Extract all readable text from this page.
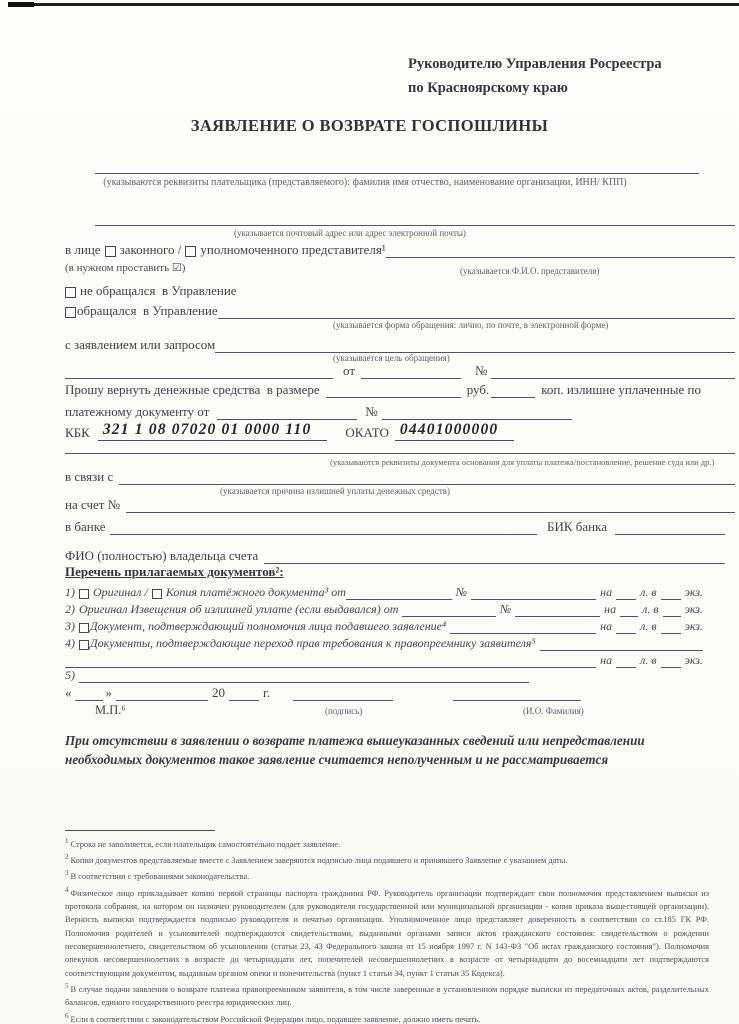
Руководителю Управления Росреестра
по Красноярскому краю
ЗАЯВЛЕНИЕ О ВОЗВРАТЕ ГОСПОШЛИНЫ
(указываются реквизиты плательщика (представляемого): фамилия имя отчество, наименование организации, ИНН/ КПП)
(указывается почтовый адрес или адрес электронной почты)
в лице законного / уполномоченного представителя¹
(в нужном проставить ☑)	(указывается Ф.И.О. представителя)
не обращался  в Управление
обращался  в Управление
(указывается форма обращения: лично, по почте, в электронной форме)
с заявлением или запросом
(указывается цель обращения)
от	№
Прошу вернуть денежные средства  в размере	руб.	коп. излишне уплаченные по
платежному документу от	№
КБК 321 1 08 07020 01 0000 110	ОКАТО 04401000000
(указываются реквизиты документа основания для уплаты платежа/постановление, решение суда или др.)
в связи с
(указывается причина излишней уплаты денежных средств)
на счет №
в банке	БИК банка
ФИО (полностью) владельца счета
Перечень прилагаемых документов²:
1) Оригинал / Копия платёжного документа³ от	№	на л. в экз.
2) Оригинал Извещения об излишней уплате (если выдавался) от	№	на л. в экз.
3) Документ, подтверждающий полномочия лица подавшего заявление⁴	на л. в экз.
4) Документы, подтверждающие переход прав требования к правопреемнику заявителя⁵
на л. в экз.
5)
«	»	20	г.
М.П.⁶	(подпись)	(И.О. Фамилия)
При отсутствии в заявлении о возврате платежа вышеуказанных сведений или непредставлении необходимых документов такое заявление считается неполученным и не рассматривается
$^1$ Строка не заполняется, если плательщик самостоятельно подает заявление.
$^2$ Копии документов представляемые вместе с Заявлением заверяются подписью лица подавшего и принявшего Заявление с указанием даты.
$^3$ В соответствии с требованиями законодательства.
$^4$ Физическое лицо прикладывает копию первой страницы паспорта гражданина РФ. Руководитель организации подтверждает свои полномочия представлением выписки из протокола собрания, на котором он назначен руководителем (для руководителя государственной или муниципальной организации - копия приказа вышестоящей организации). Верность выписки подтверждается подписью руководителя и печатью организации. Уполномоченное лицо представляет доверенность в соответствии со ст.185 ГК РФ. Полномочия родителей и усыновителей подтверждаются свидетельствами, выданными органами записи актов гражданского состояния: свидетельством о рождении несовершеннолетнего, свидетельством об усыновлении (статьи 23, 43 Федерального закона от 15 ноября 1997 г. N 143-ФЗ "Об актах гражданского состояния"). Полномочия опекунов несовершеннолетних в возрасте до четырнадцати лет, попечителей несовершеннолетних в возрасте от четырнадцати до восемнадцати лет подтверждаются соответствующим документом, выданным органом опеки и попечительства (пункт 1 статьи 34, пункт 1 статьи 35 Кодекса).
$^5$ В случае подачи заявления о возврате платежа правопреемником заявителя, в том числе заверенные в установленном порядке выписки из передаточных актов, разделительных балансов, единого государственного реестра юридических лиц.
$^6$ Если в соответствии с законодательством Российской Федерации лицо, подавшее заявление, должно иметь печать.
